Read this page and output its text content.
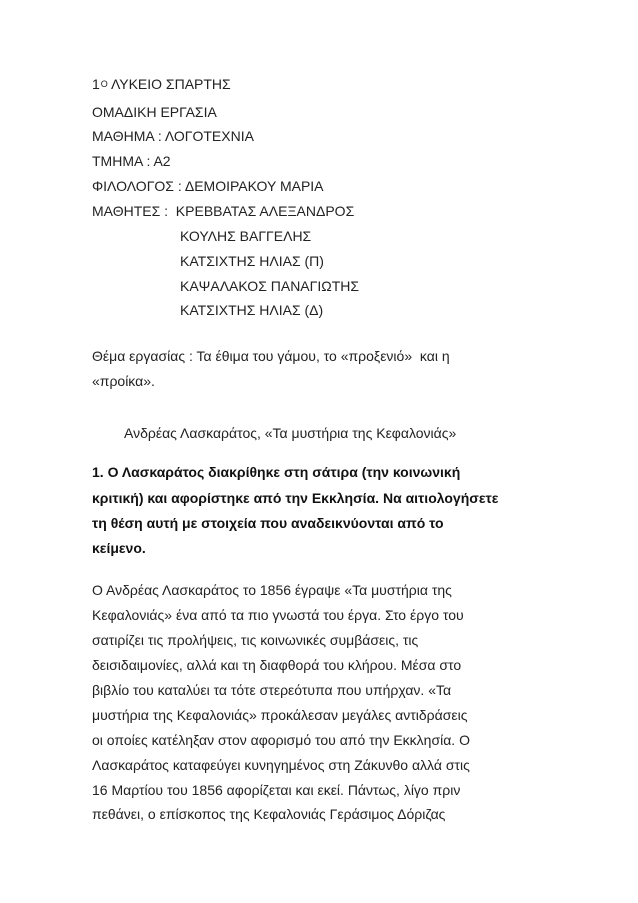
$1^O$ ΛΥΚΕΙΟ ΣΠΑΡΤΗΣ
ΟΜΑΔΙΚΗ ΕΡΓΑΣΙΑ
ΜΑΘΗΜΑ : ΛΟΓΟΤΕΧΝΙΑ
ΤΜΗΜΑ : Α2
ΦΙΛΟΛΟΓΟΣ : ΔΕΜΟΙΡΑΚΟΥ ΜΑΡΙΑ
ΜΑΘΗΤΕΣ :  ΚΡΕΒΒΑΤΑΣ ΑΛΕΞΑΝΔΡΟΣ
ΚΟΥΛΗΣ ΒΑΓΓΕΛΗΣ
ΚΑΤΣΙΧΤΗΣ ΗΛΙΑΣ (Π)
ΚΑΨΑΛΑΚΟΣ ΠΑΝΑΓΙΩΤΗΣ
ΚΑΤΣΙΧΤΗΣ ΗΛΙΑΣ (Δ)
Θέμα εργασίας : Τα έθιμα του γάμου, το «προξενιό»  και η
«προίκα».
Ανδρέας Λασκαράτος, «Τα μυστήρια της Κεφαλονιάς»
1. Ο Λασκαράτος διακρίθηκε στη σάτιρα (την κοινωνική
κριτική) και αφορίστηκε από την Εκκλησία. Να αιτιολογήσετε
τη θέση αυτή με στοιχεία που αναδεικνύονται από το
κείμενο.
Ο Ανδρέας Λασκαράτος το 1856 έγραψε «Τα μυστήρια της
Κεφαλονιάς» ένα από τα πιο γνωστά του έργα. Στο έργο του
σατιρίζει τις προλήψεις, τις κοινωνικές συμβάσεις, τις
δεισιδαιμονίες, αλλά και τη διαφθορά του κλήρου. Μέσα στο
βιβλίο του καταλύει τα τότε στερεότυπα που υπήρχαν. «Τα
μυστήρια της Κεφαλονιάς» προκάλεσαν μεγάλες αντιδράσεις
οι οποίες κατέληξαν στον αφορισμό του από την Εκκλησία. Ο
Λασκαράτος καταφεύγει κυνηγημένος στη Ζάκυνθο αλλά στις
16 Μαρτίου του 1856 αφορίζεται και εκεί. Πάντως, λίγο πριν
πεθάνει, ο επίσκοπος της Κεφαλονιάς Γεράσιμος Δόριζας
